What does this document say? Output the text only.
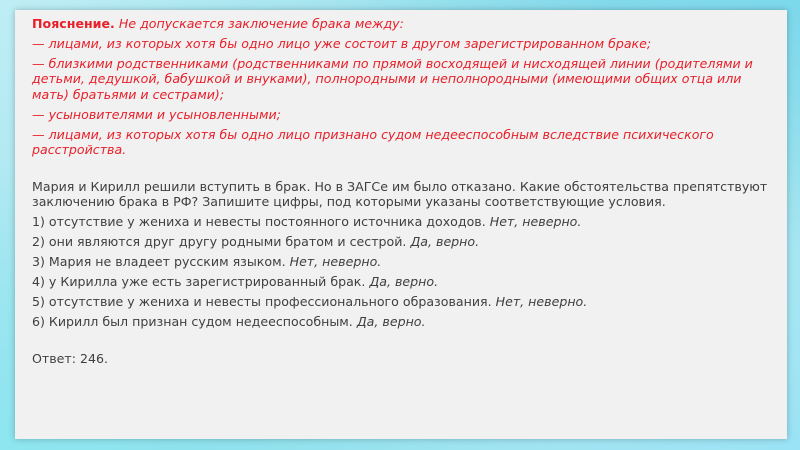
Пояснение. Не допускается заключение брака между:

— лицами, из которых хотя бы одно лицо уже состоит в другом зарегистрированном браке;

— близкими родственниками (родственниками по прямой восходящей и нисходящей линии (родителями и детьми, дедушкой, бабушкой и внуками), полнородными и неполнородными (имеющими общих отца или мать) братьями и сестрами);

— усыновителями и усыновленными;

— лицами, из которых хотя бы одно лицо признано судом недееспособным вследствие психического расстройства.

Мария и Кирилл решили вступить в брак. Но в ЗАГСе им было отказано. Какие обстоятельства препятствуют заключению брака в РФ? Запишите цифры, под которыми указаны соответствующие условия.

1) отсутствие у жениха и невесты постоянного источника доходов. Нет, неверно.

2) они являются друг другу родными братом и сестрой. Да, верно.

3) Мария не владеет русским языком. Нет, неверно.

4) у Кирилла уже есть зарегистрированный брак. Да, верно.

5) отсутствие у жениха и невесты профессионального образования. Нет, неверно.

6) Кирилл был признан судом недееспособным. Да, верно.

Ответ: 246.
